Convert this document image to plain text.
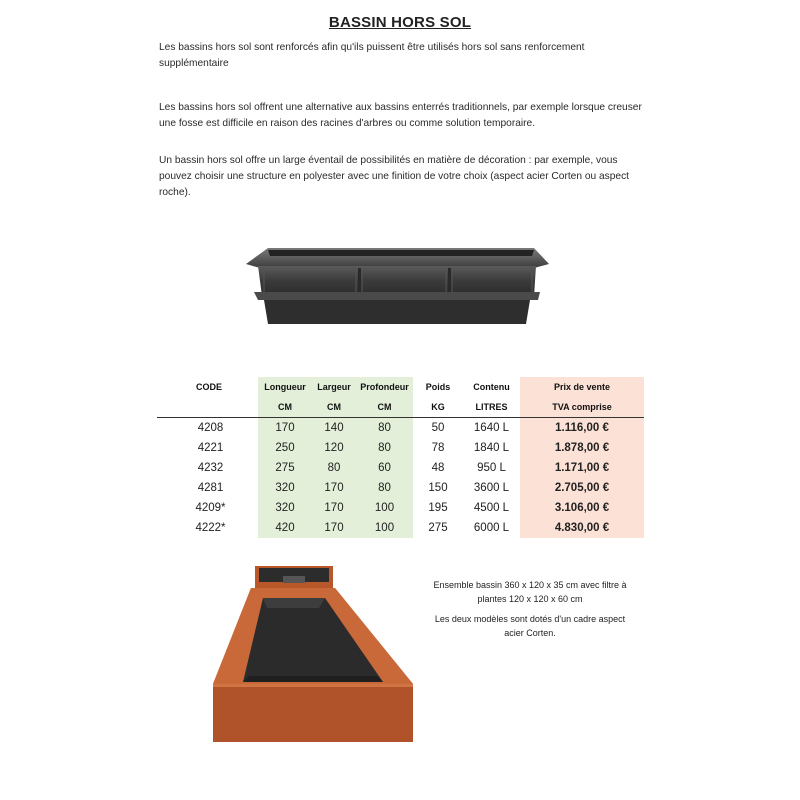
BASSIN HORS SOL
Les bassins hors sol sont renforcés afin qu'ils puissent être utilisés hors sol sans renforcement supplémentaire
Les bassins hors sol offrent une alternative aux bassins enterrés traditionnels, par exemple lorsque creuser une fosse est difficile en raison des racines d'arbres ou comme solution temporaire.
Un bassin hors sol offre un large éventail de possibilités en matière de décoration : par exemple, vous pouvez choisir une structure en polyester avec une finition de votre choix (aspect acier Corten ou aspect roche).
CODE	Longueur	Largeur	Profondeur	Poids	Contenu	Prix de vente
	CM	CM	CM	KG	LITRES	TVA comprise
4208	170	140	80	50	1640 L	1.116,00 €
4221	250	120	80	78	1840 L	1.878,00 €
4232	275	80	60	48	950 L	1.171,00 €
4281	320	170	80	150	3600 L	2.705,00 €
4209*	320	170	100	195	4500 L	3.106,00 €
4222*	420	170	100	275	6000 L	4.830,00 €
Ensemble bassin 360 x 120 x 35 cm avec filtre à plantes 120 x 120 x 60 cm
Les deux modèles sont dotés d'un cadre aspect acier Corten.
